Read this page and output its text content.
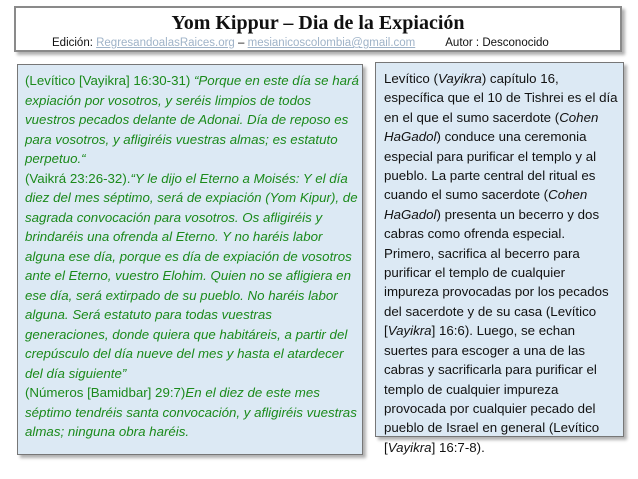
Yom Kippur – Dia de la Expiación
Edición: RegresandoalasRaices.org – mesianicoscolombia@gmail.com	Autor : Desconocido

(Levítico [Vayikra] 16:30-31) “Porque en este día se hará expiación por vosotros, y seréis limpios de todos vuestros pecados delante de Adonai. Día de reposo es para vosotros, y afligiréis vuestras almas; es estatuto perpetuo.“
(Vaikrá 23:26-32).“Y le dijo el Eterno a Moisés: Y el día diez del mes séptimo, será de expiación (Yom Kipur), de sagrada convocación para vosotros. Os afligiréis y brindaréis una ofrenda al Eterno. Y no haréis labor alguna ese día, porque es día de expiación de vosotros ante el Eterno, vuestro Elohim. Quien no se afligiera en ese día, será extirpado de su pueblo. No haréis labor alguna. Será estatuto para todas vuestras generaciones, donde quiera que habitáreis, a partir del crepúsculo del día nueve del mes y hasta el atardecer del día siguiente”
(Números [Bamidbar] 29:7)En el diez de este mes séptimo tendréis santa convocación, y afligiréis vuestras almas; ninguna obra haréis.

Levítico (Vayikra) capítulo 16, específica que el 10 de Tishrei es el día en el que el sumo sacerdote (Cohen HaGadol) conduce una ceremonia especial para purificar el templo y al pueblo. La parte central del ritual es cuando el sumo sacerdote (Cohen HaGadol) presenta un becerro y dos cabras como ofrenda especial. Primero, sacrifica al becerro para purificar el templo de cualquier impureza provocadas por los pecados del sacerdote y de su casa (Levítico [Vayikra] 16:6). Luego, se echan suertes para escoger a una de las cabras y sacrificarla para purificar el templo de cualquier impureza provocada por cualquier pecado del pueblo de Israel en general (Levítico [Vayikra] 16:7-8).
